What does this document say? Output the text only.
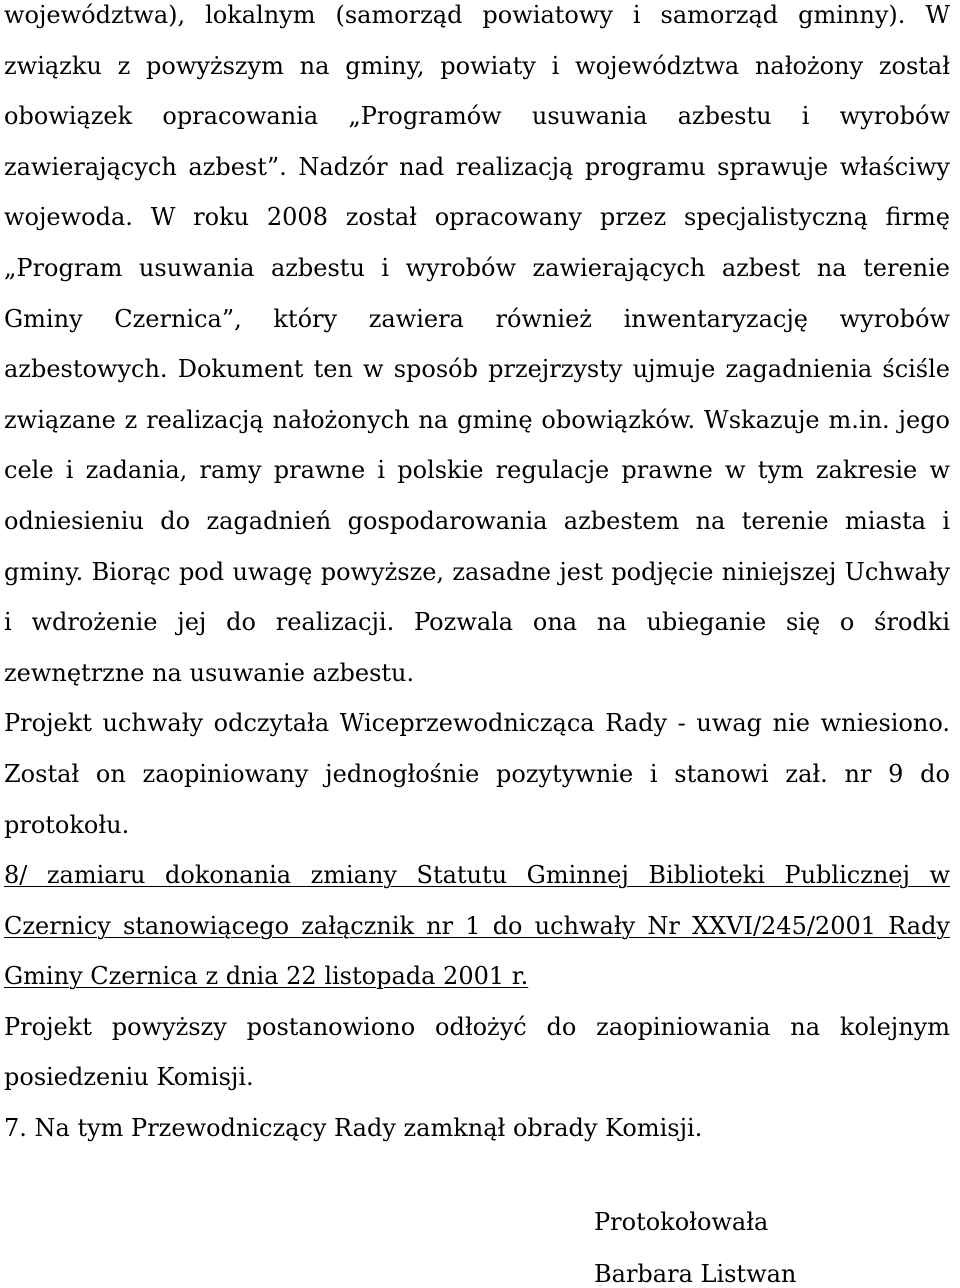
województwa), lokalnym (samorząd powiatowy i samorząd gminny). W związku z powyższym na gminy, powiaty i województwa nałożony został obowiązek opracowania „Programów usuwania azbestu i wyrobów zawierających azbest”. Nadzór nad realizacją programu sprawuje właściwy wojewoda. W roku 2008 został opracowany przez specjalistyczną firmę „Program usuwania azbestu i wyrobów zawierających azbest na terenie Gminy Czernica”, który zawiera również inwentaryzację wyrobów azbestowych. Dokument ten w sposób przejrzysty ujmuje zagadnienia ściśle związane z realizacją nałożonych na gminę obowiązków. Wskazuje m.in. jego cele i zadania, ramy prawne i polskie regulacje prawne w tym zakresie w odniesieniu do zagadnień gospodarowania azbestem na terenie miasta i gminy. Biorąc pod uwagę powyższe, zasadne jest podjęcie niniejszej Uchwały i wdrożenie jej do realizacji. Pozwala ona na ubieganie się o środki zewnętrzne na usuwanie azbestu.

Projekt uchwały odczytała Wiceprzewodnicząca Rady - uwag nie wniesiono. Został on zaopiniowany jednogłośnie pozytywnie i stanowi zał. nr 9 do protokołu.

8/ zamiaru dokonania zmiany Statutu Gminnej Biblioteki Publicznej w Czernicy stanowiącego załącznik nr 1 do uchwały Nr XXVI/245/2001 Rady Gminy Czernica z dnia 22 listopada 2001 r.

Projekt powyższy postanowiono odłożyć do zaopiniowania na kolejnym posiedzeniu Komisji.

7. Na tym Przewodniczący Rady zamknął obrady Komisji.

Protokołowała
Barbara Listwan
